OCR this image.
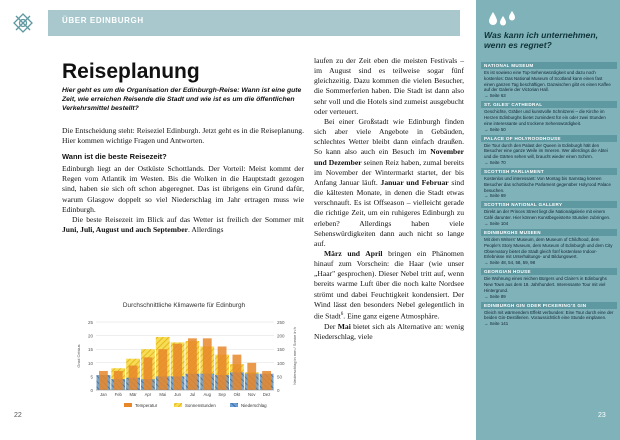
ÜBER EDINBURGH
Reiseplanung

Hier geht es um die Organisation der Edinburgh-Reise: Wann ist eine gute Zeit, wie erreichen Reisende die Stadt und wie ist es um die öffentlichen Verkehrsmittel bestellt?

Die Entscheidung steht: Reiseziel Edinburgh. Jetzt geht es in die Reiseplanung. Hier kommen wichtige Fragen und Antworten.

Wann ist die beste Reisezeit?

Edinburgh liegt an der Ostküste Schottlands. Der Vorteil: Meist kommt der Regen vom Atlantik im Westen. Bis die Wolken in die Hauptstadt gezogen sind, haben sie sich oft schon abgeregnet. Das ist übrigens ein Grund dafür, warum Glasgow doppelt so viel Niederschlag im Jahr ertragen muss wie Edinburgh.

Die beste Reisezeit im Blick auf das Wetter ist freilich der Sommer mit Juni, Juli, August und auch September. Allerdings

Durchschnittliche Klimawerte für Edinburgh
0
5
10
15
20
25
0
50
100
150
200
250
Grad Celsius	Niederschlag in mm / Sonne in h
Jan Feb Mär Apr Mai Jun Jul Aug Sep Okt Nov Dez
Temperatur	Sonnenstunden	Niederschlag
22

laufen zu der Zeit eben die meisten Festivals – im August sind es teilweise sogar fünf gleichzeitig. Dazu kommen die vielen Besucher, die Sommerferien haben. Die Stadt ist dann also sehr voll und die Hotels sind zumeist ausgebucht oder verteuert.

Bei einer Großstadt wie Edinburgh finden sich aber viele Angebote in Gebäuden, schlechtes Wetter bleibt dann einfach draußen. So kann also auch ein Besuch im November und Dezember seinen Reiz haben, zumal bereits im November der Wintermarkt startet, der bis Anfang Januar läuft. Januar und Februar sind die kältesten Monate, in denen die Stadt etwas verschnauft. Es ist Offseason – vielleicht gerade die richtige Zeit, um ein ruhigeres Edinburgh zu erleben? Allerdings haben viele Sehenswürdigkeiten dann auch nicht so lange auf.

März und April bringen ein Phänomen hinauf zum Vorschein: die Haar (wie unser „Haar" gesprochen). Dieser Nebel tritt auf, wenn bereits warme Luft über die noch kalte Nordsee strömt und dabei Feuchtigkeit kondensiert. Der Wind lässt den besonders Nebel gelegentlich in die Stadt$^6$. Eine ganz eigene Atmosphäre.

Der Mai bietet sich als Alternative an: wenig Niederschlag, viele

Was kann ich unternehmen, wenn es regnet?
NATIONAL MUSEUM
Es ist sowieso eine Top-Sehenswürdigkeit und dazu noch kostenlos: Das National Museum of Scotland kann einen fast einen ganzen Tag beschäftigen. Dazwischen gibt es einen Kaffee auf der Galerie der Victorian Hall.
→ Seite 63
ST. GILES' CATHEDRAL
Geschichte, Gräber und kunstvolle Schnitzerei – die Kirche im Herzen Edinburghs bietet zumindest für ein oder zwei Stunden eine interessante und trockene Sehenswürdigkeit.
→ Seite 50
PALACE OF HOLYROODHOUSE
Die Tour durch den Palast der Queen in Edinburgh hält den Besucher eine ganze Weile im Inneren. Wer allerdings die Abtei und die Gärten sehen will, braucht wieder einen Schirm.
→ Seite 70
SCOTTISH PARLIAMENT
Kostenlos und interessant: Von Montag bis Samstag können Besucher das schottische Parlament gegenüber Holyrood Palace besuchen.
→ Seite 69
SCOTTISH NATIONAL GALLERY
Direkt an der Princes Street liegt die Nationalgalerie mit einem Café darunter. Hier können Kunstbegeisterte Stunden zubringen.
→ Seite 104
EDINBURGHS MUSEEN
Mit dem Writers' Museum, dem Museum of Childhood, dem People's Story Museum, dem Museum of Edinburgh und dem City Observatory bietet die Stadt gleich fünf kostenlose Indoor-Erlebnisse mit Unterhaltungs- und Bildungswert.
→ Seite 48, 54, 58, 59, 98
GEORGIAN HOUSE
Die Wohnung eines reichen Bürgers und Claire's in Edinburghs New Town aus dem 18. Jahrhundert. Interessante Tour mit viel Hintergrund.
→ Seite 89
EDINBURGH GIN ODER PICKERING'S GIN
Gleich mit wärmendem Effekt verbunden: Eine Tour durch eine der beiden Gin-Destillerien. Voraussichtlich eine Stunde einplanen.
→ Seite 141
23
